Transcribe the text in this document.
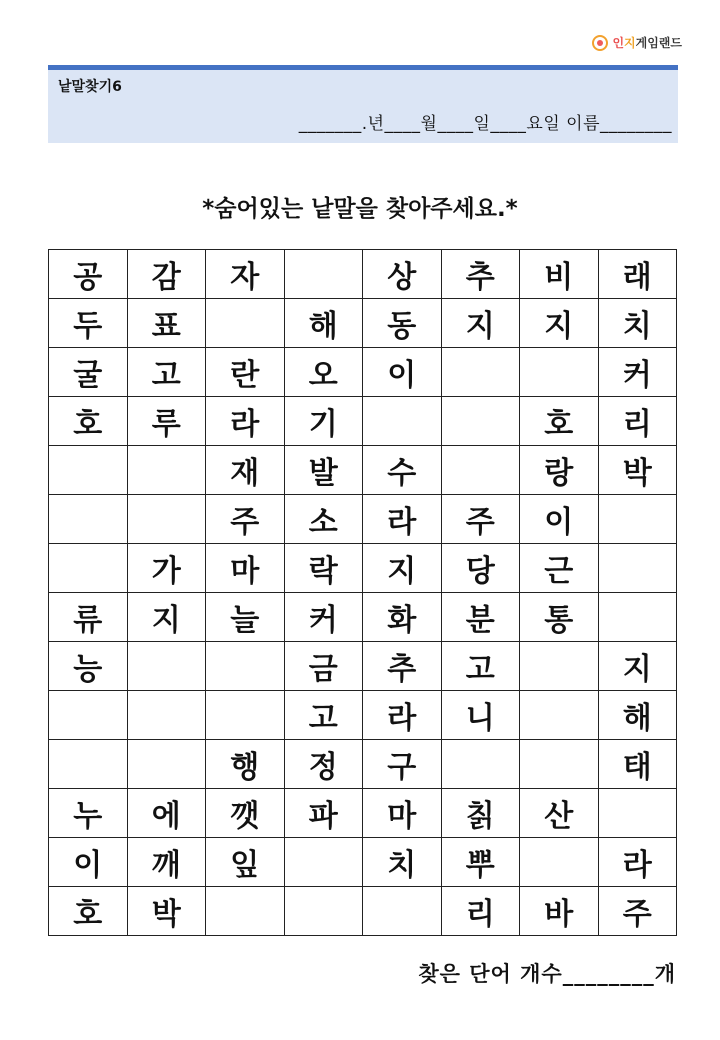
인지게임랜드
낱말찾기6
_______.년____월____일____요일 이름________
*숨어있는 낱말을 찾아주세요.*
공	감	자		상	추	비	래
두	표		해	동	지	지	치
굴	고	란	오	이			커
호	루	라	기			호	리
		재	발	수		랑	박
		주	소	라	주	이	
	가	마	락	지	당	근	
류	지	늘	커	화	분	통	
능			금	추	고		지
			고	라	니		해
		행	정	구			태
누	에	깻	파	마	칡	산	
이	깨	잎		치	뿌		라
호	박				리	바	주
찾은 단어 개수________개
